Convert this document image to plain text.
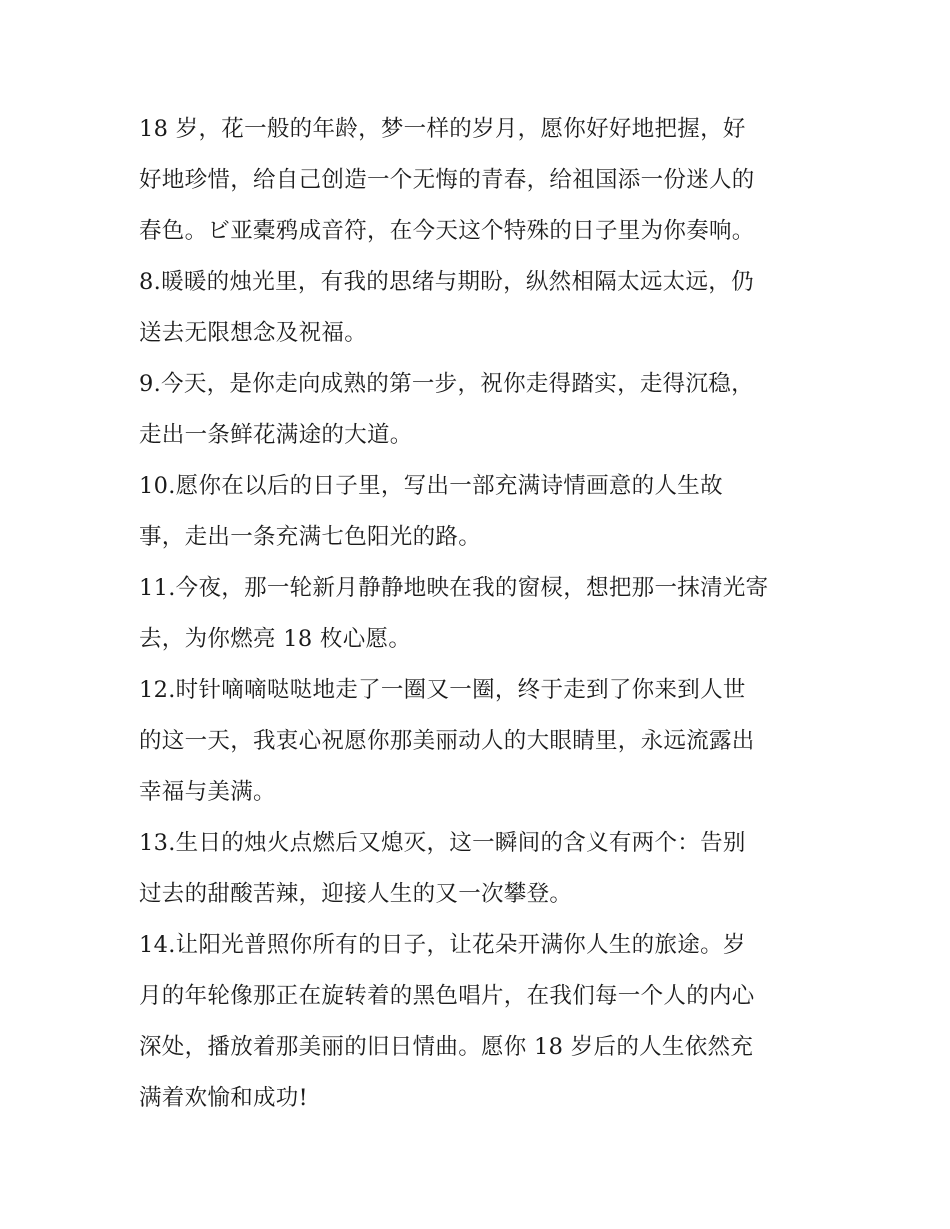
18 岁，花一般的年龄，梦一样的岁月，愿你好好地把握，好
好地珍惜，给自己创造一个无悔的青春，给祖国添一份迷人的
春色。ビ亚橐鸦成音符，在今天这个特殊的日子里为你奏响。
8.暖暖的烛光里，有我的思绪与期盼，纵然相隔太远太远，仍
送去无限想念及祝福。
9.今天，是你走向成熟的第一步，祝你走得踏实，走得沉稳，
走出一条鲜花满途的大道。
10.愿你在以后的日子里，写出一部充满诗情画意的人生故
事，走出一条充满七色阳光的路。
11.今夜，那一轮新月静静地映在我的窗棂，想把那一抹清光寄
去，为你燃亮 18 枚心愿。
12.时针嘀嘀哒哒地走了一圈又一圈，终于走到了你来到人世
的这一天，我衷心祝愿你那美丽动人的大眼睛里，永远流露出
幸福与美满。
13.生日的烛火点燃后又熄灭，这一瞬间的含义有两个：告别
过去的甜酸苦辣，迎接人生的又一次攀登。
14.让阳光普照你所有的日子，让花朵开满你人生的旅途。岁
月的年轮像那正在旋转着的黑色唱片，在我们每一个人的内心
深处，播放着那美丽的旧日情曲。愿你 18 岁后的人生依然充
满着欢愉和成功!
